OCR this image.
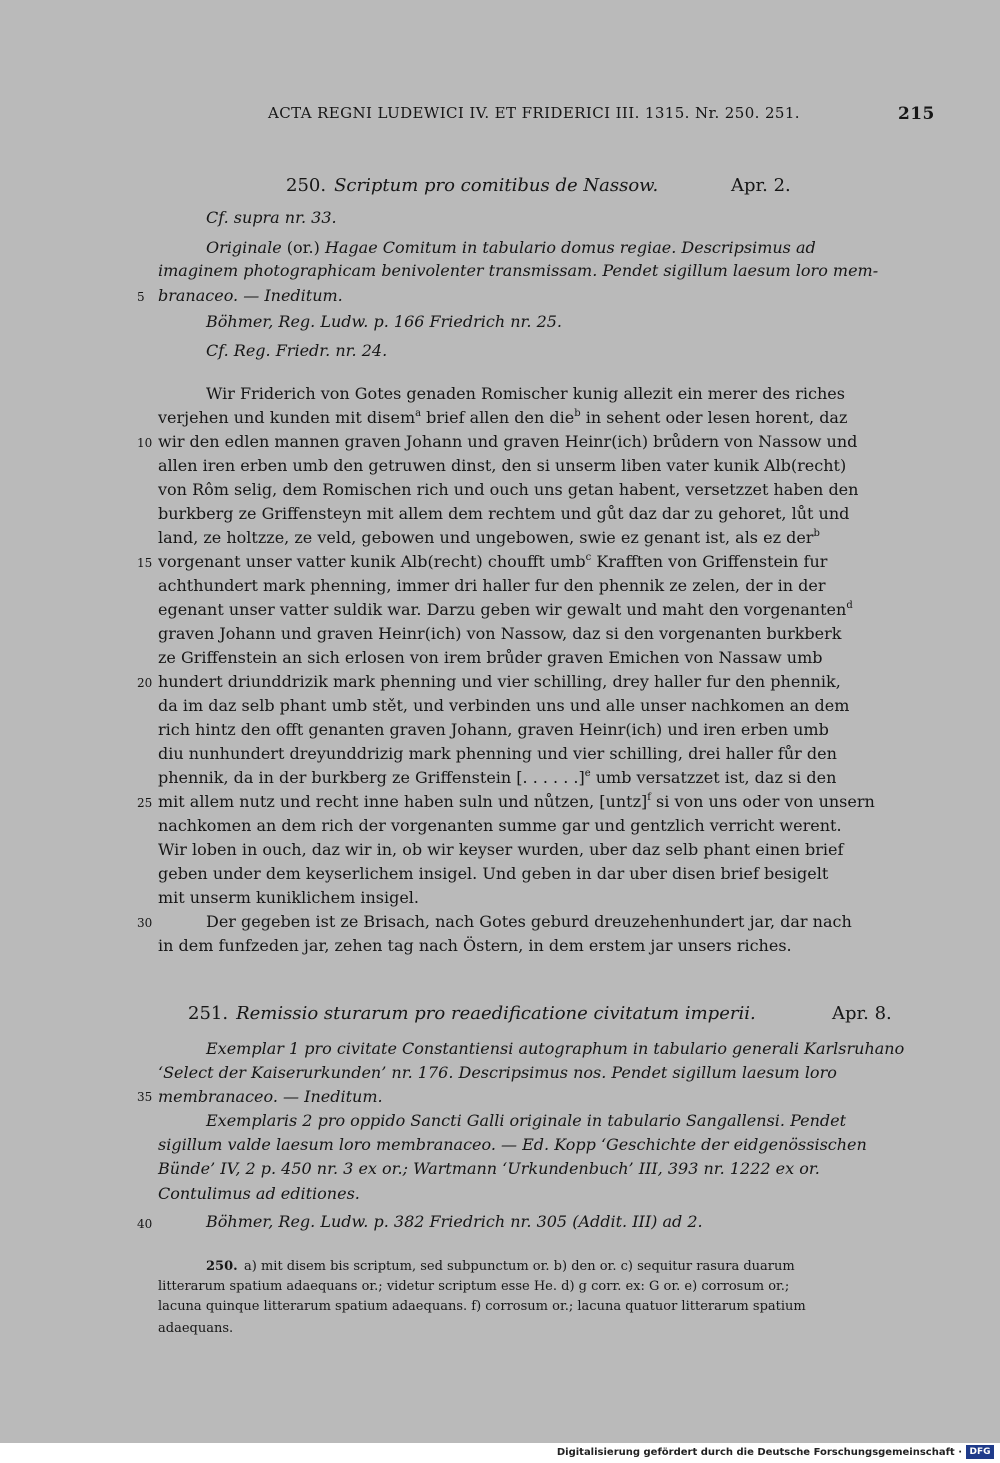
ACTA REGNI LUDEWICI IV. ET FRIDERICI III. 1315. Nr. 250. 251.	215
250. Scriptum pro comitibus de Nassow.	Apr. 2.
Cf. supra nr. 33.
Originale (or.) Hagae Comitum in tabulario domus regiae. Descripsimus ad
imaginem photographicam benivolenter transmissam. Pendet sigillum laesum loro mem-
branaceo. — Ineditum.
Böhmer, Reg. Ludw. p. 166 Friedrich nr. 25.
Cf. Reg. Friedr. nr. 24.
Wir Friderich von Gotes genaden Romischer kunig allezit ein merer des riches
verjehen und kunden mit disem$^a$ brief allen den die$^b$ in sehent oder lesen horent, daz
wir den edlen mannen graven Johann und graven Heinr(ich) brůdern von Nassow und
allen iren erben umb den getruwen dinst, den si unserm liben vater kunik Alb(recht)
von Rôm selig, dem Romischen rich und ouch uns getan habent, versetzzet haben den
burkberg ze Griffensteyn mit allem dem rechtem und gůt daz dar zu gehoret, lůt und
land, ze holtzze, ze veld, gebowen und ungebowen, swie ez genant ist, als ez der$^b$
vorgenant unser vatter kunik Alb(recht) choufft umb$^c$ Krafften von Griffenstein fur
achthundert mark phenning, immer dri haller fur den phennik ze zelen, der in der
egenant unser vatter suldik war. Darzu geben wir gewalt und maht den vorgenanten$^d$
graven Johann und graven Heinr(ich) von Nassow, daz si den vorgenanten burkberk
ze Griffenstein an sich erlosen von irem brůder graven Emichen von Nassaw umb
hundert driunddrizik mark phenning und vier schilling, drey haller fur den phennik,
da im daz selb phant umb stět, und verbinden uns und alle unser nachkomen an dem
rich hintz den offt genanten graven Johann, graven Heinr(ich) und iren erben umb
diu nunhundert dreyunddrizig mark phenning und vier schilling, drei haller fůr den
phennik, da in der burkberg ze Griffenstein [. . . . . .]$^e$ umb versatzzet ist, daz si den
mit allem nutz und recht inne haben suln und nůtzen, [untz]$^f$ si von uns oder von unsern
nachkomen an dem rich der vorgenanten summe gar und gentzlich verricht werent.
Wir loben in ouch, daz wir in, ob wir keyser wurden, uber daz selb phant einen brief
geben under dem keyserlichem insigel. Und geben in dar uber disen brief besigelt
mit unserm kuniklichem insigel.
Der gegeben ist ze Brisach, nach Gotes geburd dreuzehenhundert jar, dar nach
in dem funfzeden jar, zehen tag nach Östern, in dem erstem jar unsers riches.
251. Remissio sturarum pro reaedificatione civitatum imperii.	Apr. 8.
Exemplar 1 pro civitate Constantiensi autographum in tabulario generali Karlsruhano
‘Select der Kaiserurkunden’ nr. 176. Descripsimus nos. Pendet sigillum laesum loro
membranaceo. — Ineditum.
Exemplaris 2 pro oppido Sancti Galli originale in tabulario Sangallensi. Pendet
sigillum valde laesum loro membranaceo. — Ed. Kopp ‘Geschichte der eidgenössischen
Bünde’ IV, 2 p. 450 nr. 3 ex or.; Wartmann ‘Urkundenbuch’ III, 393 nr. 1222 ex or.
Contulimus ad editiones.
Böhmer, Reg. Ludw. p. 382 Friedrich nr. 305 (Addit. III) ad 2.
5
10
15
20
25
30
35
40
250. a) mit disem bis scriptum, sed subpunctum or. b) den or. c) sequitur rasura duarum
litterarum spatium adaequans or.; videtur scriptum esse He. d) g corr. ex: G or. e) corrosum or.;
lacuna quinque litterarum spatium adaequans. f) corrosum or.; lacuna quatuor litterarum spatium
adaequans.
Digitalisierung gefördert durch die Deutsche Forschungsgemeinschaft · DFG
